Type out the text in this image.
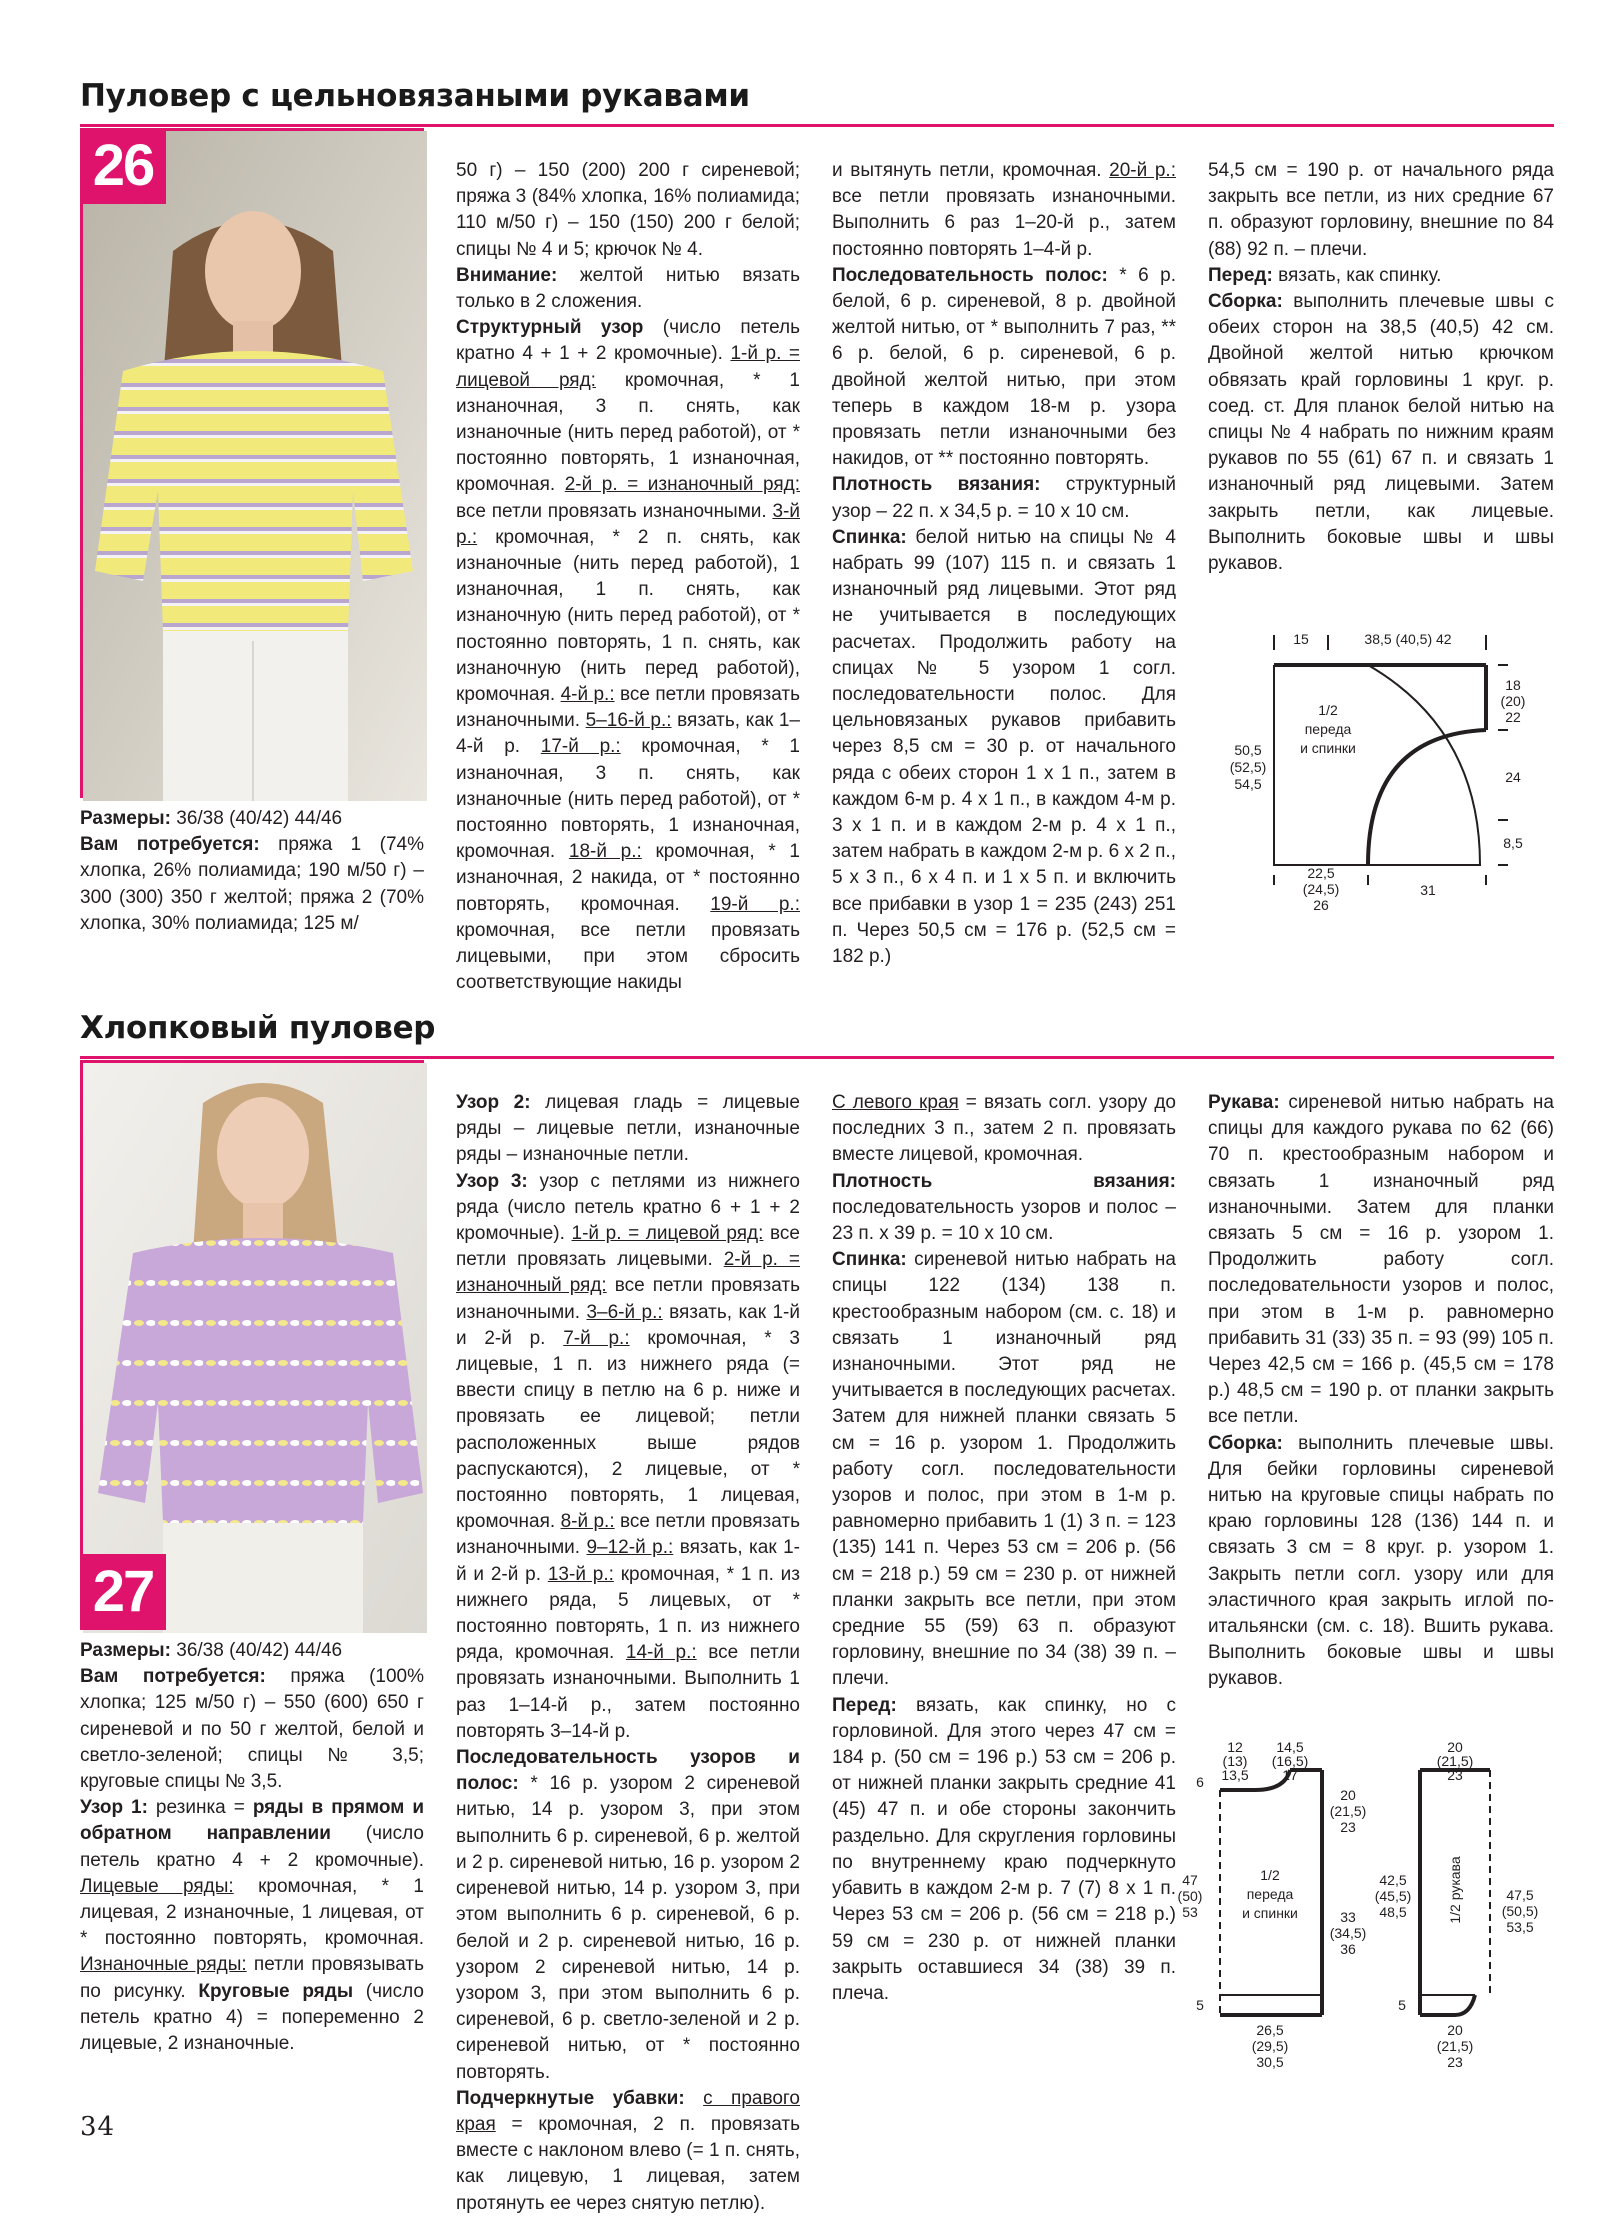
Пуловер с цельновязаными рукавами
26

Размеры: 36/38 (40/42) 44/46

Вам потребуется: пряжа 1 (74% хлопка, 26% полиамида; 190 м/50 г) – 300 (300) 350 г желтой; пряжа 2 (70% хлопка, 30% полиамида; 125 м/

50 г) – 150 (200) 200 г сиреневой; пряжа 3 (84% хлопка, 16% полиамида; 110 м/50 г) – 150 (150) 200 г белой; спицы № 4 и 5; крючок № 4.

Внимание: желтой нитью вязать только в 2 сложения.

Структурный узор (число петель кратно 4 + 1 + 2 кромочные). 1-й р. = лицевой ряд: кромочная, * 1 изнаночная, 3 п. снять, как изнаночные (нить перед работой), от * постоянно повторять, 1 изнаночная, кромочная. 2-й р. = изнаночный ряд: все петли провязать изнаночными. 3-й р.: кромочная, * 2 п. снять, как изнаночные (нить перед работой), 1 изнаночная, 1 п. снять, как изнаночную (нить перед работой), от * постоянно повторять, 1 п. снять, как изнаночную (нить перед работой), кромочная. 4-й р.: все петли провязать изнаночными. 5–16-й р.: вязать, как 1–4-й р. 17-й р.: кромочная, * 1 изнаночная, 3 п. снять, как изнаночные (нить перед работой), от * постоянно повторять, 1 изнаночная, кромочная. 18-й р.: кромочная, * 1 изнаночная, 2 накида, от * постоянно повторять, кромочная. 19-й р.: кромочная, все петли провязать лицевыми, при этом сбросить соответствующие накиды

и вытянуть петли, кромочная. 20-й р.: все петли провязать изнаночными. Выполнить 6 раз 1–20-й р., затем постоянно повторять 1–4-й р.

Последовательность полос: * 6 р. белой, 6 р. сиреневой, 8 р. двойной желтой нитью, от * выполнить 7 раз, ** 6 р. белой, 6 р. сиреневой, 6 р. двойной желтой нитью, при этом теперь в каждом 18-м р. узора провязать петли изнаночными без накидов, от ** постоянно повторять.

Плотность вязания: структурный узор – 22 п. х 34,5 р. = 10 х 10 см.

Спинка: белой нитью на спицы № 4 набрать 99 (107) 115 п. и связать 1 изнаночный ряд лицевыми. Этот ряд не учитывается в последующих расчетах. Продолжить работу на спицах № 5 узором 1 согл. последовательности полос. Для цельновязаных рукавов прибавить через 8,5 см = 30 р. от начального ряда с обеих сторон 1 х 1 п., затем в каждом 6-м р. 4 х 1 п., в каждом 4-м р. 3 х 1 п. и в каждом 2-м р. 4 х 1 п., затем набрать в каждом 2-м р. 6 х 2 п., 5 х 3 п., 6 х 4 п. и 1 х 5 п. и включить все прибавки в узор 1 = 235 (243) 251 п. Через 50,5 см = 176 р. (52,5 см = 182 р.)

54,5 см = 190 р. от начального ряда закрыть все петли, из них средние 67 п. образуют горловину, внешние по 84 (88) 92 п. – плечи.

Перед: вязать, как спинку.

Сборка: выполнить плечевые швы с обеих сторон на 38,5 (40,5) 42 см. Двойной желтой нитью крючком обвязать край горловины 1 круг. р. соед. ст. Для планок белой нитью на спицы № 4 набрать по нижним краям рукавов по 55 (61) 67 п. и связать 1 изнаночный ряд лицевыми. Затем закрыть петли, как лицевые. Выполнить боковые швы и швы рукавов.

15	38,5 (40,5) 42
1/2
переда
и спинки
50,5
(52,5)
54,5
18
(20)
22
24
8,5
22,5
(24,5)
26
31
Хлопковый пуловер
27

Размеры: 36/38 (40/42) 44/46

Вам потребуется: пряжа (100% хлопка; 125 м/50 г) – 550 (600) 650 г сиреневой и по 50 г желтой, белой и светло-зеленой; спицы № 3,5; круговые спицы № 3,5.

Узор 1: резинка = ряды в прямом и обратном направлении (число петель кратно 4 + 2 кромочные). Лицевые ряды: кромочная, * 1 лицевая, 2 изнаночные, 1 лицевая, от * постоянно повторять, кромочная. Изнаночные ряды: петли провязывать по рисунку. Круговые ряды (число петель кратно 4) = попеременно 2 лицевые, 2 изнаночные.

Узор 2: лицевая гладь = лицевые ряды – лицевые петли, изнаночные ряды – изнаночные петли.

Узор 3: узор с петлями из нижнего ряда (число петель кратно 6 + 1 + 2 кромочные). 1-й р. = лицевой ряд: все петли провязать лицевыми. 2-й р. = изнаночный ряд: все петли провязать изнаночными. 3–6-й р.: вязать, как 1-й и 2-й р. 7-й р.: кромочная, * 3 лицевые, 1 п. из нижнего ряда (= ввести спицу в петлю на 6 р. ниже и провязать ее лицевой; петли расположенных выше рядов распускаются), 2 лицевые, от * постоянно повторять, 1 лицевая, кромочная. 8-й р.: все петли провязать изнаночными. 9–12-й р.: вязать, как 1-й и 2-й р. 13-й р.: кромочная, * 1 п. из нижнего ряда, 5 лицевых, от * постоянно повторять, 1 п. из нижнего ряда, кромочная. 14-й р.: все петли провязать изнаночными. Выполнить 1 раз 1–14-й р., затем постоянно повторять 3–14-й р.

Последовательность узоров и полос: * 16 р. узором 2 сиреневой нитью, 14 р. узором 3, при этом выполнить 6 р. сиреневой, 6 р. желтой и 2 р. сиреневой нитью, 16 р. узором 2 сиреневой нитью, 14 р. узором 3, при этом выполнить 6 р. сиреневой, 6 р. белой и 2 р. сиреневой нитью, 16 р. узором 2 сиреневой нитью, 14 р. узором 3, при этом выполнить 6 р. сиреневой, 6 р. светло-зеленой и 2 р. сиреневой нитью, от * постоянно повторять.

Подчеркнутые убавки: с правого края = кромочная, 2 п. провязать вместе с наклоном влево (= 1 п. снять, как лицевую, 1 лицевая, затем протянуть ее через снятую петлю).

С левого края = вязать согл. узору до последних 3 п., затем 2 п. провязать вместе лицевой, кромочная.

Плотность вязания: последовательность узоров и полос – 23 п. х 39 р. = 10 х 10 см.

Спинка: сиреневой нитью набрать на спицы 122 (134) 138 п. крестообразным набором (см. с. 18) и связать 1 изнаночный ряд изнаночными. Этот ряд не учитывается в последующих расчетах. Затем для нижней планки связать 5 см = 16 р. узором 1. Продолжить работу согл. последовательности узоров и полос, при этом в 1-м р. равномерно прибавить 1 (1) 3 п. = 123 (135) 141 п. Через 53 см = 206 р. (56 см = 218 р.) 59 см = 230 р. от нижней планки закрыть все петли, при этом средние 55 (59) 63 п. образуют горловину, внешние по 34 (38) 39 п. – плечи.

Перед: вязать, как спинку, но с горловиной. Для этого через 47 см = 184 р. (50 см = 196 р.) 53 см = 206 р. от нижней планки закрыть средние 41 (45) 47 п. и обе стороны закончить раздельно. Для скругления горловины по внутреннему краю подчеркнуто убавить в каждом 2-м р. 7 (7) 8 х 1 п. Через 53 см = 206 р. (56 см = 218 р.) 59 см = 230 р. от нижней планки закрыть оставшиеся 34 (38) 39 п. плеча.

Рукава: сиреневой нитью набрать на спицы для каждого рукава по 62 (66) 70 п. крестообразным набором и связать 1 изнаночный ряд изнаночными. Затем для планки связать 5 см = 16 р. узором 1. Продолжить работу согл. последовательности узоров и полос, при этом в 1-м р. равномерно прибавить 31 (33) 35 п. = 93 (99) 105 п. Через 42,5 см = 166 р. (45,5 см = 178 р.) 48,5 см = 190 р. от планки закрыть все петли.

Сборка: выполнить плечевые швы. Для бейки горловины сиреневой нитью на круговые спицы набрать по краю горловины 128 (136) 144 п. и связать 3 см = 8 круг. р. узором 1. Закрыть петли согл. узору или для эластичного края закрыть иглой по-итальянски (см. с. 18). Вшить рукава. Выполнить боковые швы и швы рукавов.

12
(13)
13,5
14,5
(16,5)
17
6
1/2
переда
и спинки
47
(50)
53
20
(21,5)
23
33
(34,5)
36
5	5
26,5
(29,5)
30,5
20
(21,5)
23
42,5
(45,5)
48,5
47,5
(50,5)
53,5
1/2 рукава
20
(21,5)
23
34
